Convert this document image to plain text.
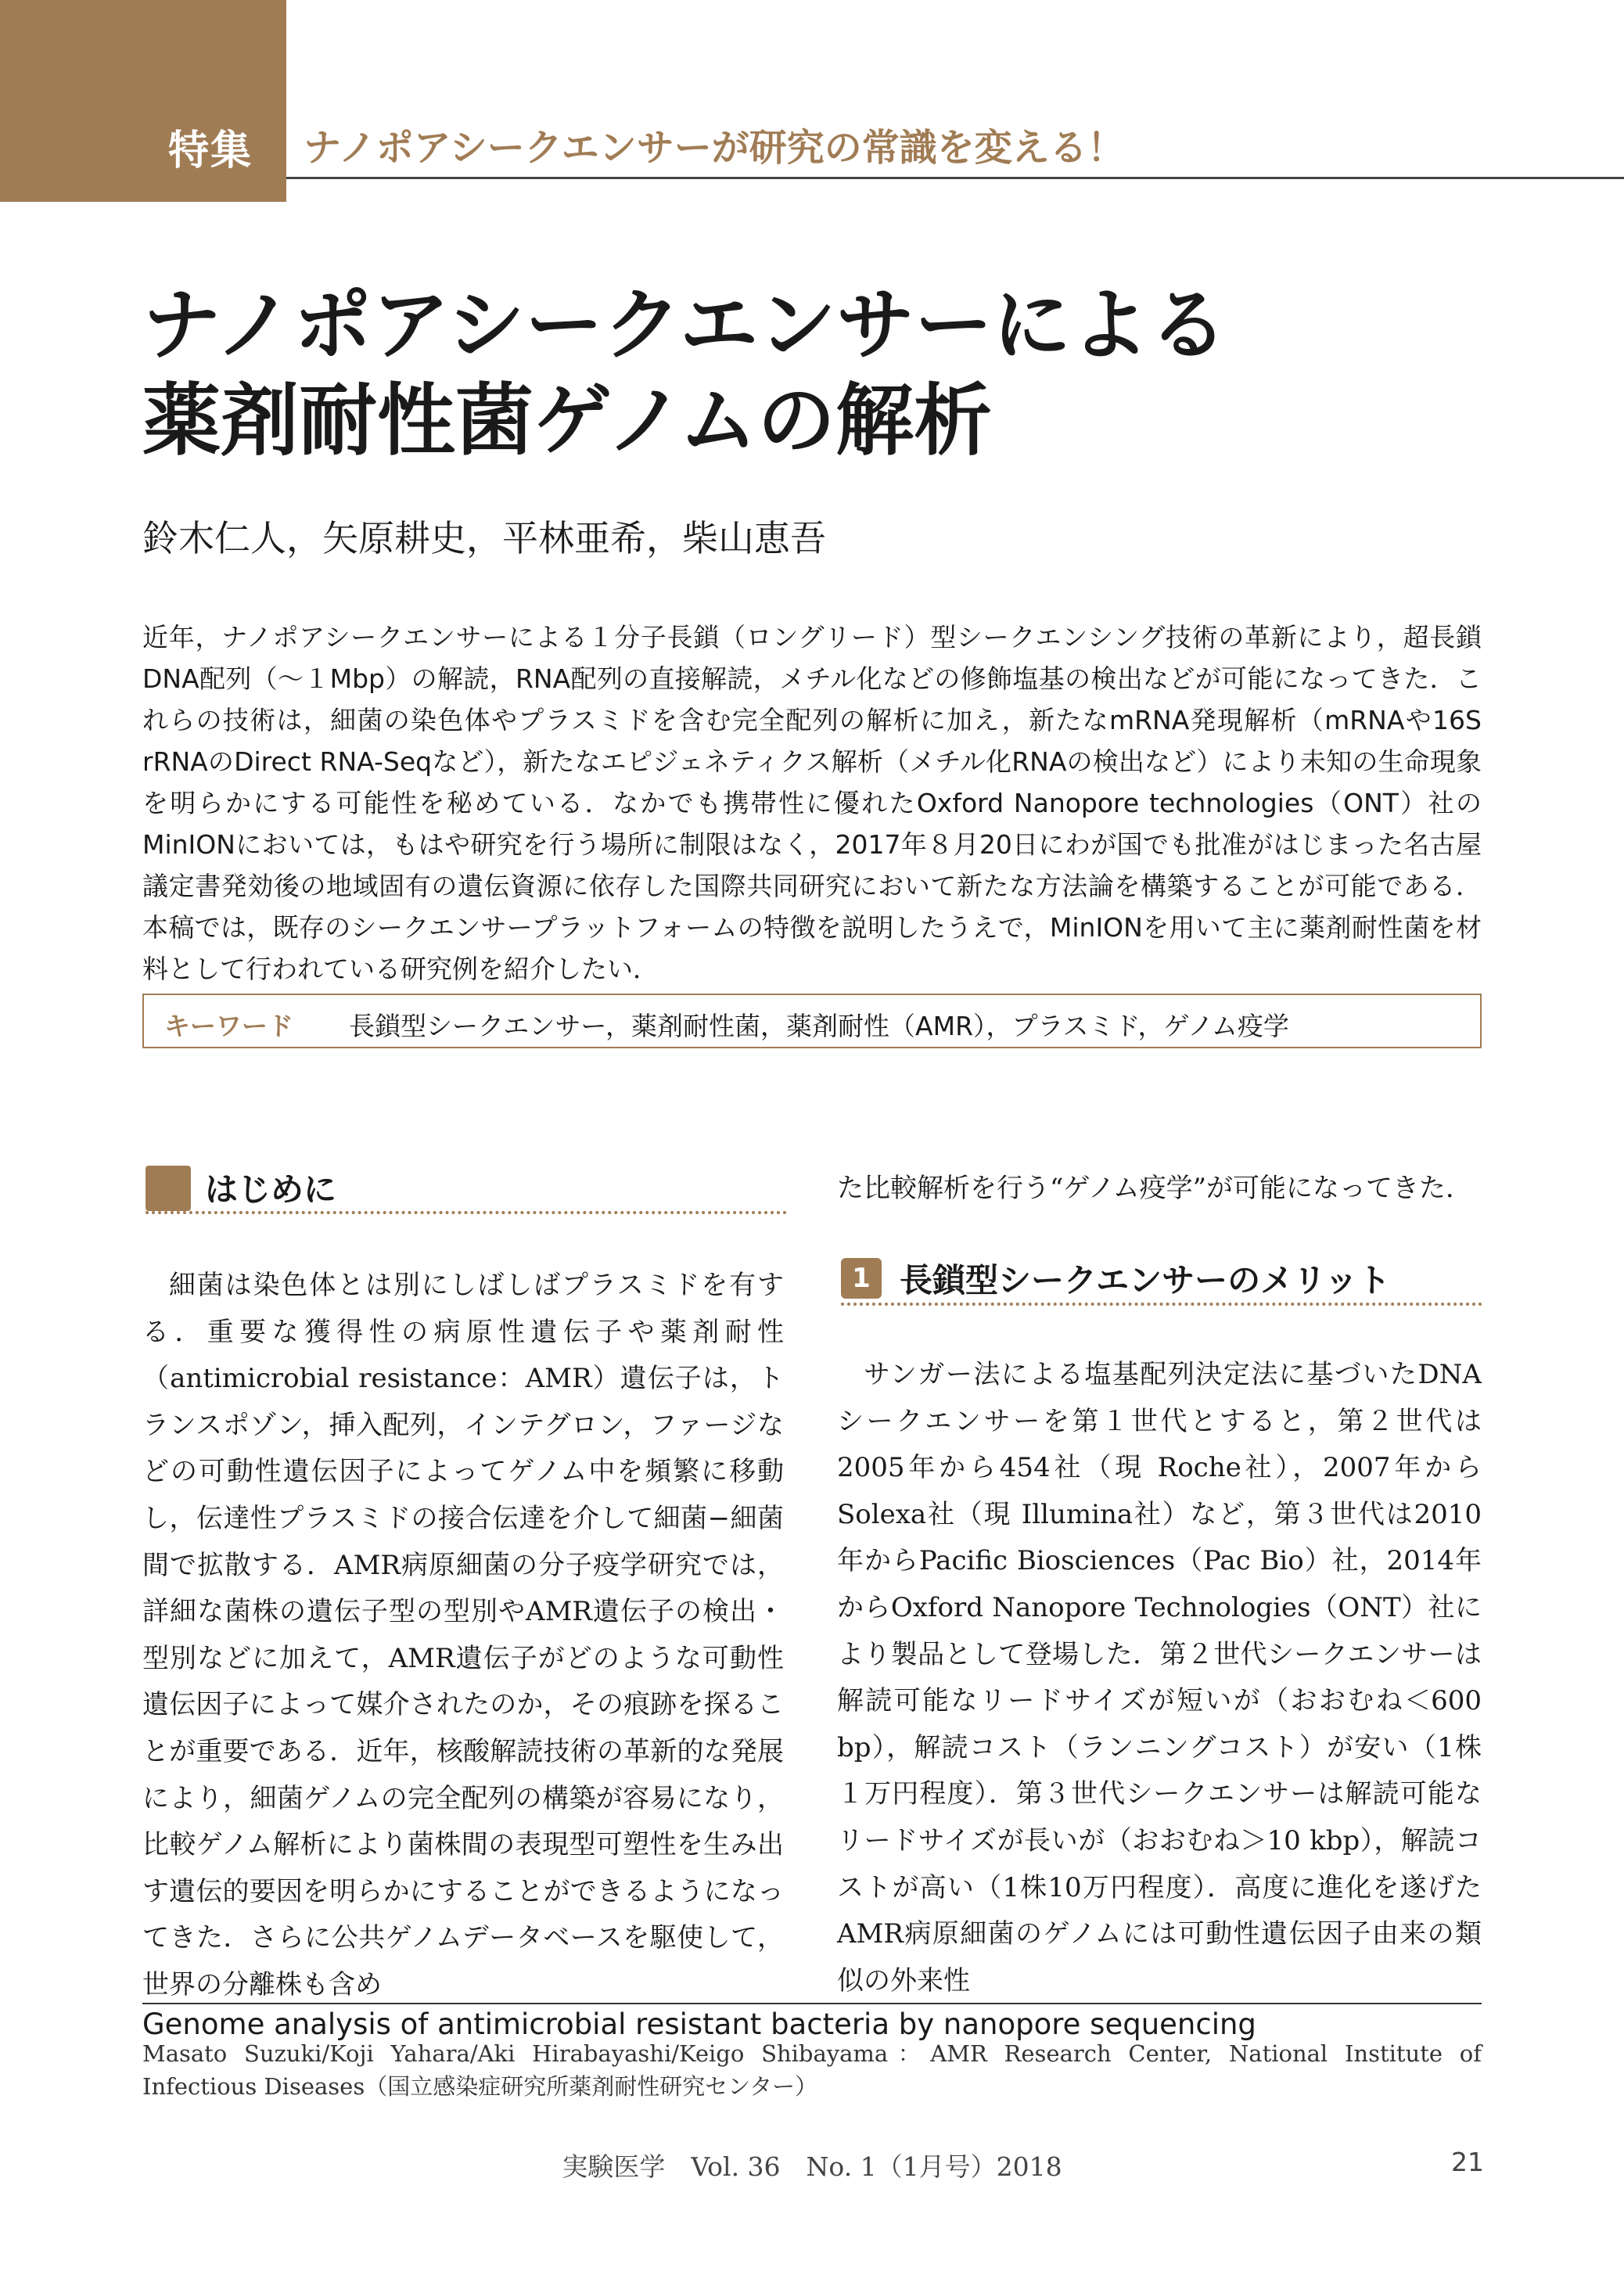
特集 ナノポアシークエンサーが研究の常識を変える！
ナノポアシークエンサーによる
薬剤耐性菌ゲノムの解析
鈴木仁人，矢原耕史，平林亜希，柴山恵吾
近年，ナノポアシークエンサーによる１分子長鎖（ロングリード）型シークエンシング技術の革新により，超長鎖DNA配列（〜１Mbp）の解読，RNA配列の直接解読，メチル化などの修飾塩基の検出などが可能になってきた．これらの技術は，細菌の染色体やプラスミドを含む完全配列の解析に加え，新たなmRNA発現解析（mRNAや16S rRNAのDirect RNA-Seqなど），新たなエピジェネティクス解析（メチル化RNAの検出など）により未知の生命現象を明らかにする可能性を秘めている．なかでも携帯性に優れたOxford Nanopore technologies（ONT）社のMinIONにおいては，もはや研究を行う場所に制限はなく，2017年８月20日にわが国でも批准がはじまった名古屋議定書発効後の地域固有の遺伝資源に依存した国際共同研究において新たな方法論を構築することが可能である．本稿では，既存のシークエンサープラットフォームの特徴を説明したうえで，MinIONを用いて主に薬剤耐性菌を材料として行われている研究例を紹介したい．
キーワード 長鎖型シークエンサー，薬剤耐性菌，薬剤耐性（AMR），プラスミド，ゲノム疫学
はじめに

細菌は染色体とは別にしばしばプラスミドを有する．重要な獲得性の病原性遺伝子や薬剤耐性（antimicrobial resistance：AMR）遺伝子は，トランスポゾン，挿入配列，インテグロン，ファージなどの可動性遺伝因子によってゲノム中を頻繁に移動し，伝達性プラスミドの接合伝達を介して細菌−細菌間で拡散する．AMR病原細菌の分子疫学研究では，詳細な菌株の遺伝子型の型別やAMR遺伝子の検出・型別などに加えて，AMR遺伝子がどのような可動性遺伝因子によって媒介されたのか，その痕跡を探ることが重要である．近年，核酸解読技術の革新的な発展により，細菌ゲノムの完全配列の構築が容易になり，比較ゲノム解析により菌株間の表現型可塑性を生み出す遺伝的要因を明らかにすることができるようになってきた．さらに公共ゲノムデータベースを駆使して，世界の分離株も含め

た比較解析を行う“ゲノム疫学”が可能になってきた．
1 長鎖型シークエンサーのメリット

サンガー法による塩基配列決定法に基づいたDNAシークエンサーを第１世代とすると，第２世代は2005年から454社（現 Roche社），2007年からSolexa社（現 Illumina社）など，第３世代は2010年からPacific Biosciences（Pac Bio）社，2014年からOxford Nanopore Technologies（ONT）社により製品として登場した．第２世代シークエンサーは解読可能なリードサイズが短いが（おおむね＜600 bp），解読コスト（ランニングコスト）が安い（1株１万円程度）．第３世代シークエンサーは解読可能なリードサイズが長いが（おおむね＞10 kbp），解読コストが高い（1株10万円程度）．高度に進化を遂げたAMR病原細菌のゲノムには可動性遺伝因子由来の類似の外来性

Genome analysis of antimicrobial resistant bacteria by nanopore sequencing
Masato Suzuki/Koji Yahara/Aki Hirabayashi/Keigo Shibayama：AMR Research Center, National Institute of Infectious Diseases（国立感染症研究所薬剤耐性研究センター）
実験医学　Vol. 36　No. 1（1月号）2018	21
